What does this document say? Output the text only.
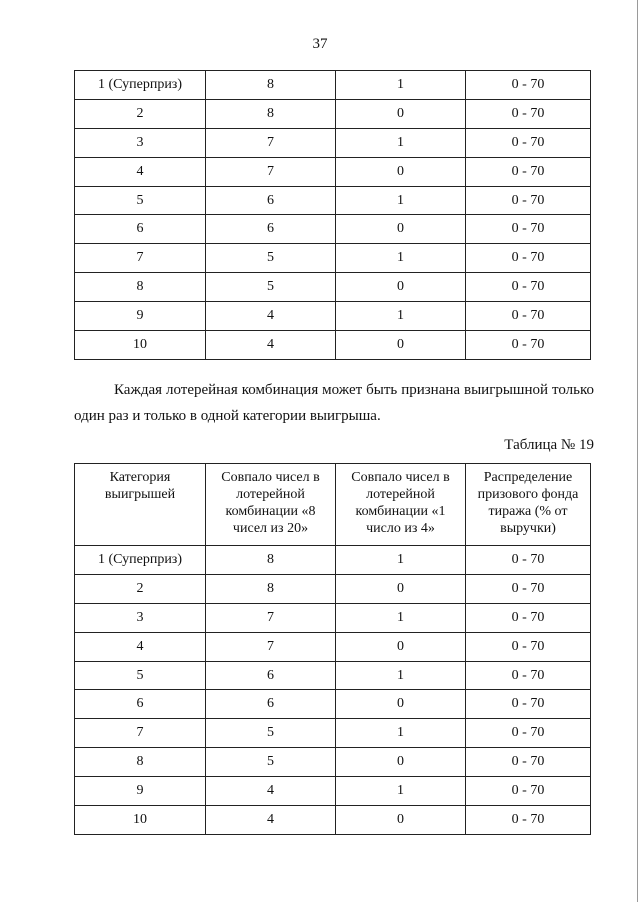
37
1 (Суперприз)	8	1	0 - 70
2	8	0	0 - 70
3	7	1	0 - 70
4	7	0	0 - 70
5	6	1	0 - 70
6	6	0	0 - 70
7	5	1	0 - 70
8	5	0	0 - 70
9	4	1	0 - 70
10	4	0	0 - 70
Каждая лотерейная комбинация может быть признана выигрышной только
один раз и только в одной категории выигрыша.
Таблица № 19
Категория выигрышей	Совпало чисел в лотерейной комбинации «8 чисел из 20»	Совпало чисел в лотерейной комбинации «1 число из 4»	Распределение призового фонда тиража (% от выручки)
1 (Суперприз)	8	1	0 - 70
2	8	0	0 - 70
3	7	1	0 - 70
4	7	0	0 - 70
5	6	1	0 - 70
6	6	0	0 - 70
7	5	1	0 - 70
8	5	0	0 - 70
9	4	1	0 - 70
10	4	0	0 - 70
